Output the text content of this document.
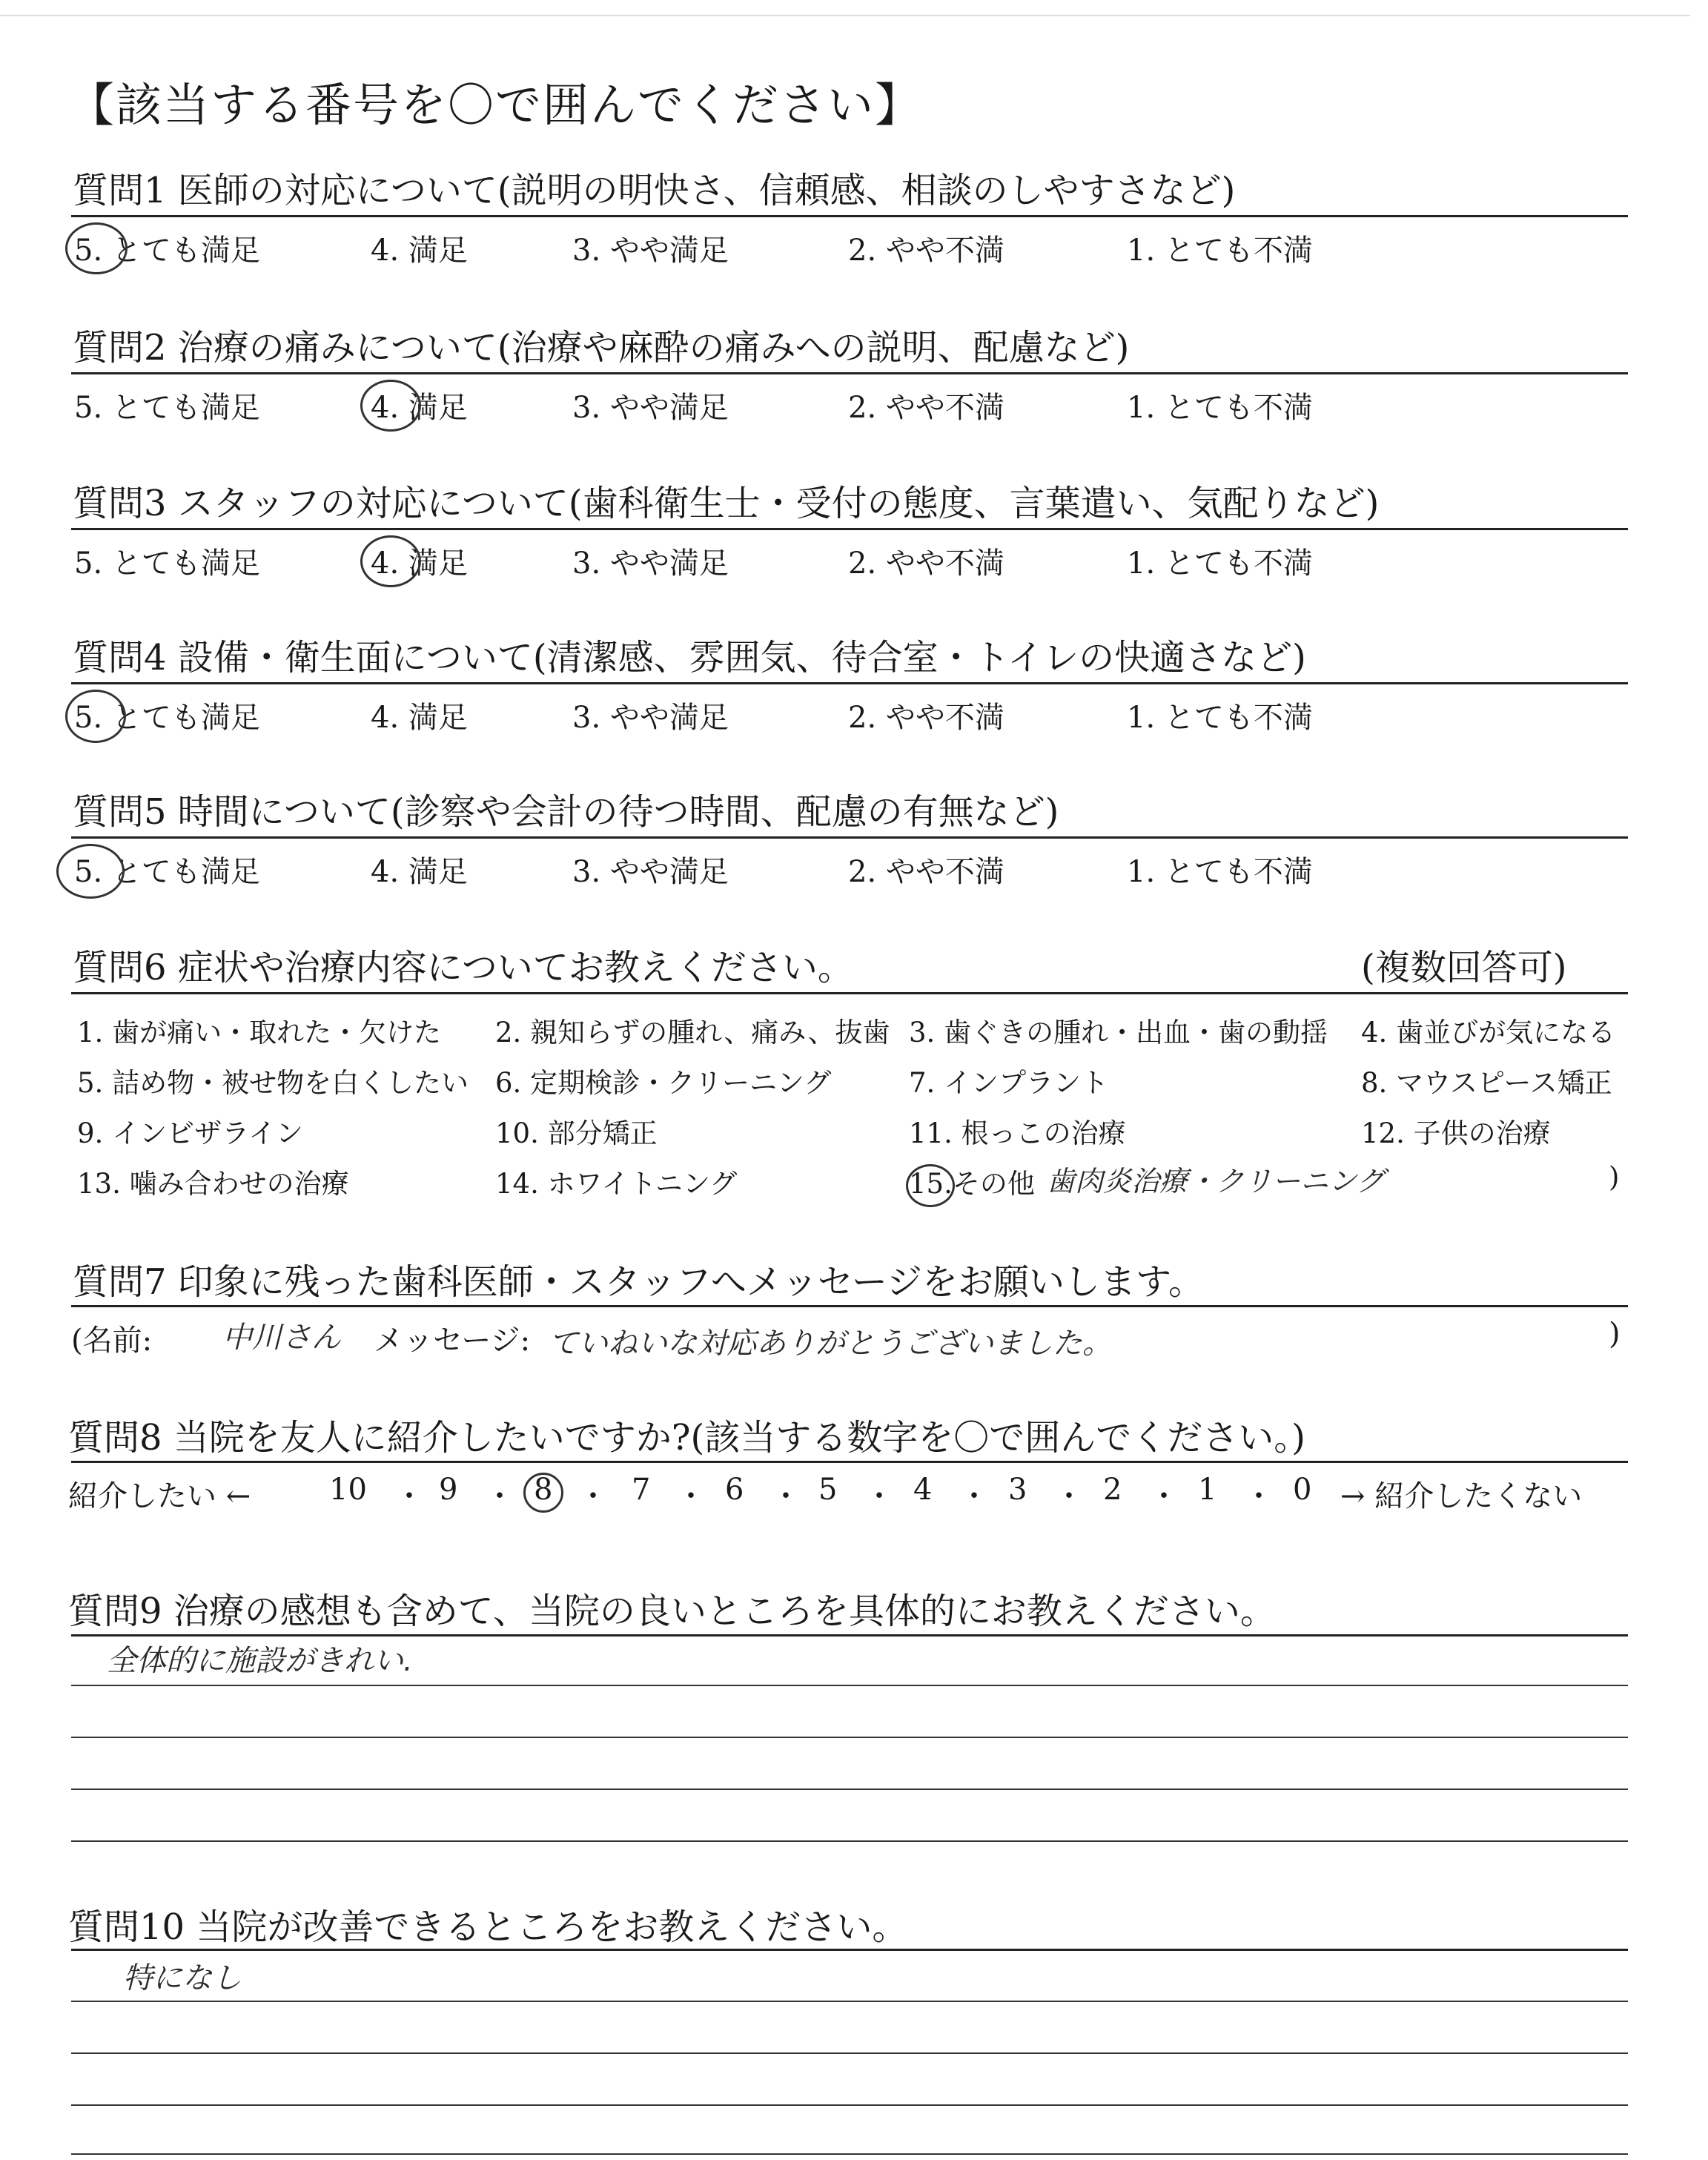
【該当する番号を〇で囲んでください】
質問1 医師の対応について(説明の明快さ、信頼感、相談のしやすさなど)
5. とても満足	4. 満足	3. やや満足	2. やや不満	1. とても不満
質問2 治療の痛みについて(治療や麻酔の痛みへの説明、配慮など)
5. とても満足	4. 満足	3. やや満足	2. やや不満	1. とても不満
質問3 スタッフの対応について(歯科衛生士・受付の態度、言葉遣い、気配りなど)
5. とても満足	4. 満足	3. やや満足	2. やや不満	1. とても不満
質問4 設備・衛生面について(清潔感、雰囲気、待合室・トイレの快適さなど)
5. とても満足	4. 満足	3. やや満足	2. やや不満	1. とても不満
質問5 時間について(診察や会計の待つ時間、配慮の有無など)
5. とても満足	4. 満足	3. やや満足	2. やや不満	1. とても不満
質問6 症状や治療内容についてお教えください。	(複数回答可)
1. 歯が痛い・取れた・欠けた 2. 親知らずの腫れ、痛み、抜歯 3. 歯ぐきの腫れ・出血・歯の動揺 4. 歯並びが気になる
5. 詰め物・被せ物を白くしたい 6. 定期検診・クリーニング	7. インプラント	8. マウスピース矯正
9. インビザライン	10. 部分矯正	11. 根っこの治療	12. 子供の治療
13. 噛み合わせの治療	14. ホワイトニング	15.その他 歯肉炎治療・クリーニング	)
質問7 印象に残った歯科医師・スタッフへメッセージをお願いします。
(名前: 中川さん メッセージ: ていねいな対応ありがとうございました。	)
質問8 当院を友人に紹介したいですか?(該当する数字を〇で囲んでください。)
紹介したい ←	10 ・ 9 ・ 8 ・ 7 ・ 6 ・ 5 ・ 4 ・ 3 ・ 2 ・ 1 ・ 0 → 紹介したくない
質問9 治療の感想も含めて、当院の良いところを具体的にお教えください。
全体的に施設がきれい.
質問10 当院が改善できるところをお教えください。
特になし
